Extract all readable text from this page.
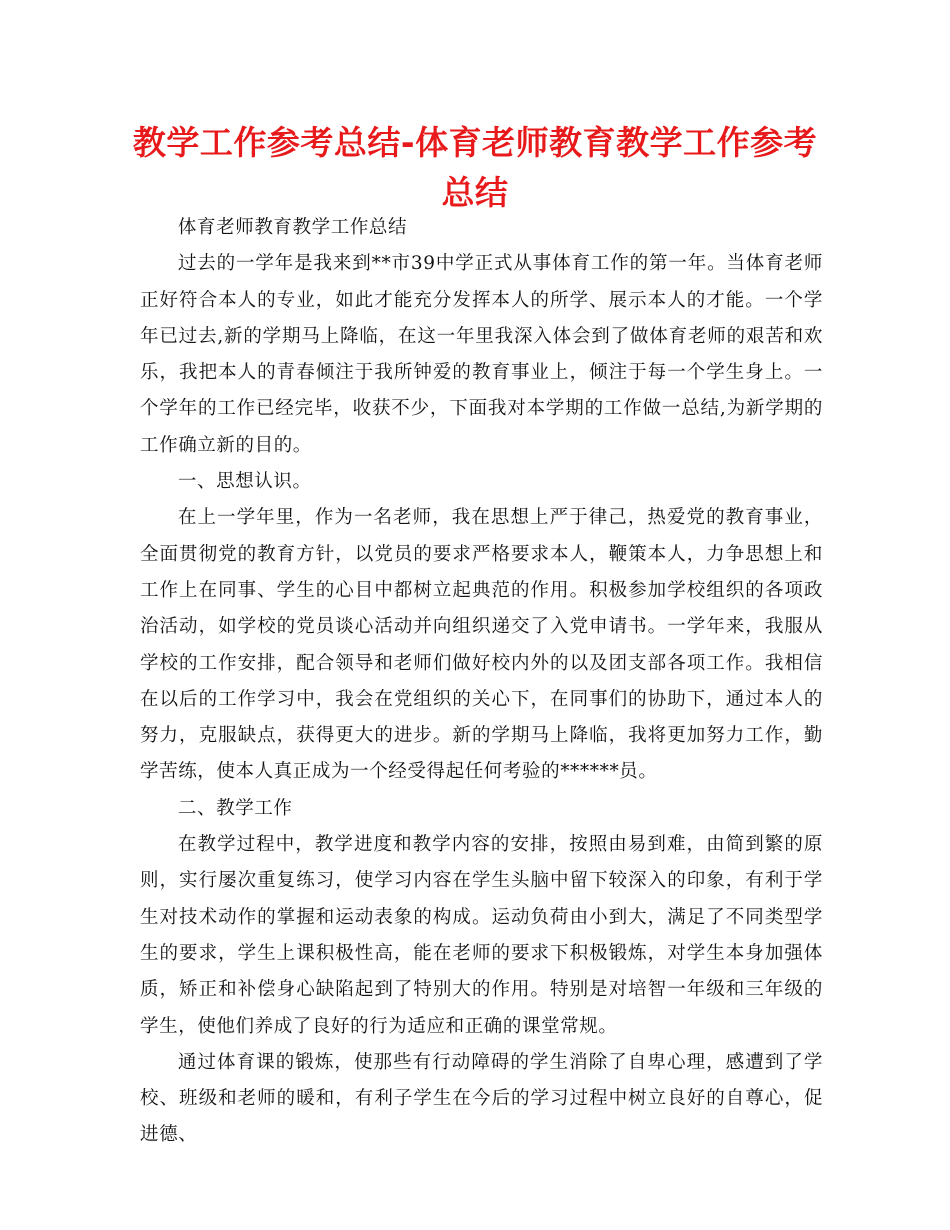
教学工作参考总结-体育老师教育教学工作参考总结

体育老师教育教学工作总结

过去的一学年是我来到**市39中学正式从事体育工作的第一年。当体育老师正好符合本人的专业，如此才能充分发挥本人的所学、展示本人的才能。一个学年已过去,新的学期马上降临，在这一年里我深入体会到了做体育老师的艰苦和欢乐，我把本人的青春倾注于我所钟爱的教育事业上，倾注于每一个学生身上。一个学年的工作已经完毕，收获不少，下面我对本学期的工作做一总结,为新学期的工作确立新的目的。

一、思想认识。

在上一学年里，作为一名老师，我在思想上严于律己，热爱党的教育事业，全面贯彻党的教育方针，以党员的要求严格要求本人，鞭策本人，力争思想上和工作上在同事、学生的心目中都树立起典范的作用。积极参加学校组织的各项政治活动，如学校的党员谈心活动并向组织递交了入党申请书。一学年来，我服从学校的工作安排，配合领导和老师们做好校内外的以及团支部各项工作。我相信在以后的工作学习中，我会在党组织的关心下，在同事们的协助下，通过本人的努力，克服缺点，获得更大的进步。新的学期马上降临，我将更加努力工作，勤学苦练，使本人真正成为一个经受得起任何考验的******员。

二、教学工作

在教学过程中，教学进度和教学内容的安排，按照由易到难，由简到繁的原则，实行屡次重复练习，使学习内容在学生头脑中留下较深入的印象，有利于学生对技术动作的掌握和运动表象的构成。运动负荷由小到大，满足了不同类型学生的要求，学生上课积极性高，能在老师的要求下积极锻炼，对学生本身加强体质，矫正和补偿身心缺陷起到了特别大的作用。特别是对培智一年级和三年级的学生，使他们养成了良好的行为适应和正确的课堂常规。

通过体育课的锻炼，使那些有行动障碍的学生消除了自卑心理，感遭到了学校、班级和老师的暖和，有利子学生在今后的学习过程中树立良好的自尊心，促进德、
